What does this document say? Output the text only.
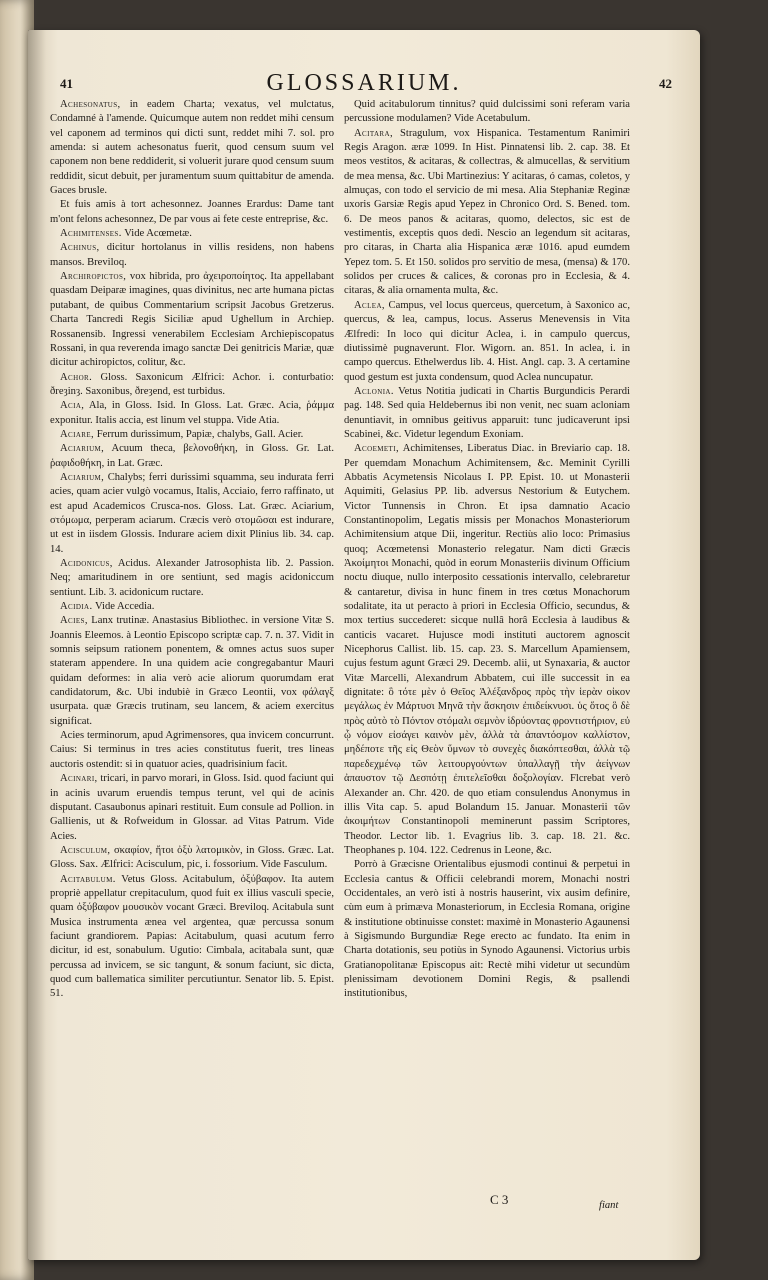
41	GLOSSARIUM.	42

Achesonatus, in eadem Charta; vexatus, vel mulctatus, Condamné à l'amende. Quicumque autem non reddet mihi censum vel caponem ad terminos qui dicti sunt, reddet mihi 7. sol. pro amenda: si autem achesonatus fuerit, quod censum suum vel caponem non bene reddiderit, si voluerit jurare quod censum suum reddidit, sicut debuit, per juramentum suum quittabitur de amenda. Gaces brusle.

Et fuis amis à tort achesonnez. Joannes Erardus: Dame tant m'ont felons achesonnez, De par vous ai fete ceste entreprise, &c.

Achimitenses. Vide Acœmetæ.

Achinus, dicitur hortolanus in villis residens, non habens mansos. Breviloq.

Archiropictos, vox hibrida, pro ἀχειροποίητος. Ita appellabant quasdam Deiparæ imagines, quas divinitus, nec arte humana pictas putabant, de quibus Commentarium scripsit Jacobus Gretzerus. Charta Tancredi Regis Siciliæ apud Ughellum in Archiep. Rossanensib. Ingressi venerabilem Ecclesiam Archiepiscopatus Rossani, in qua reverenda imago sanctæ Dei genitricis Mariæ, quæ dicitur achiropictos, colitur, &c.

Achor. Gloss. Saxonicum Ælfrici: Achor. i. conturbatio: ðreȝinȝ. Saxonibus, ðreȝend, est turbidus.

Acia, Ala, in Gloss. Isid. In Gloss. Lat. Græc. Acia, ῥάμμα exponitur. Italis accia, est linum vel stuppa. Vide Atia.

Aciare, Ferrum durissimum, Papiæ, chalybs, Gall. Acier.

Aciarium, Acuum theca, βελονοθήκη, in Gloss. Gr. Lat. ῥαφιδοθήκη, in Lat. Græc.

Aciarium, Chalybs; ferri durissimi squamma, seu indurata ferri acies, quam acier vulgò vocamus, Italis, Acciaio, ferro raffinato, ut est apud Academicos Crusca-nos. Gloss. Lat. Græc. Aciarium, στόμωμα, perperam aciarum. Cræcis verò στομῶσαι est indurare, ut est in iisdem Glossis. Indurare aciem dixit Plinius lib. 34. cap. 14.

Acidonicus, Acidus. Alexander Jatrosophista lib. 2. Passion. Neq; amaritudinem in ore sentiunt, sed magis acidoniccum sentiunt. Lib. 3. acidonicum ructare.

Acidia. Vide Accedia.

Acies, Lanx trutinæ. Anastasius Bibliothec. in versione Vitæ S. Joannis Eleemos. à Leontio Episcopo scriptæ cap. 7. n. 37. Vidit in somnis seipsum rationem ponentem, & omnes actus suos super stateram appendere. In una quidem acie congregabantur Mauri quidam deformes: in alia verò acie aliorum quorumdam erat candidatorum, &c. Ubi indubiè in Græco Leontii, vox φάλαγξ usurpata. quæ Græcis trutinam, seu lancem, & aciem exercitus significat.

Acies terminorum, apud Agrimensores, qua invicem concurrunt. Caius: Si terminus in tres acies constitutus fuerit, tres lineas auctoris ostendit: si in quatuor acies, quadrisinium facit.

Acinari, tricari, in parvo morari, in Gloss. Isid. quod faciunt qui in acinis uvarum eruendis tempus terunt, vel qui de acinis disputant. Casaubonus apinari restituit. Eum consule ad Pollion. in Gallienis, ut & Rofweidum in Glossar. ad Vitas Patrum. Vide Acies.

Acisculum, σκαφίον, ἤτοι ὀξὺ λατομικὸν, in Gloss. Græc. Lat. Gloss. Sax. Ælfrici: Acisculum, pic, i. fossorium. Vide Fasculum.

Acitabulum. Vetus Gloss. Acitabulum, ὀξύβαφον. Ita autem propriè appellatur crepitaculum, quod fuit ex illius vasculi specie, quam ὀξύβαφον μουσικὸν vocant Græci. Breviloq. Acitabula sunt Musica instrumenta ænea vel argentea, quæ percussa sonum faciunt grandiorem. Papias: Acitabulum, quasi acutum ferro dicitur, id est, sonabulum. Ugutio: Cimbala, acitabala sunt, quæ percussa ad invicem, se sic tangunt, & sonum faciunt, sic dicta, quod cum ballematica similiter percutiuntur. Senator lib. 5. Epist. 51.

Quid acitabulorum tinnitus? quid dulcissimi soni referam varia percussione modulamen? Vide Acetabulum.

Acitara, Stragulum, vox Hispanica. Testamentum Ranimiri Regis Aragon. æræ 1099. In Hist. Pinnatensi lib. 2. cap. 38. Et meos vestitos, & acitaras, & collectras, & almucellas, & servitium de mea mensa, &c. Ubi Martinezius: Y acitaras, ó camas, coletos, y almuças, con todo el servicio de mi mesa. Alia Stephaniæ Reginæ uxoris Garsiæ Regis apud Yepez in Chronico Ord. S. Bened. tom. 6. De meos panos & acitaras, quomo, delectos, sic est de vestimentis, exceptis quos dedi. Nescio an legendum sit acitaras, pro citaras, in Charta alia Hispanica æræ 1016. apud eumdem Yepez tom. 5. Et 150. solidos pro servitio de mesa, (mensa) & 170. solidos per cruces & calices, & coronas pro in Ecclesia, & 4. citaras, & alia ornamenta multa, &c.

Aclea, Campus, vel locus querceus, quercetum, à Saxonico ac, quercus, & lea, campus, locus. Asserus Menevensis in Vita Ælfredi: In loco qui dicitur Aclea, i. in campulo quercus, diutissimè pugnaverunt. Flor. Wigorn. an. 851. In aclea, i. in campo quercus. Ethelwerdus lib. 4. Hist. Angl. cap. 3. A certamine quod gestum est juxta condensum, quod Aclea nuncupatur.

Aclonia. Vetus Notitia judicati in Chartis Burgundicis Perardi pag. 148. Sed quia Heldebernus ibi non venit, nec suam acloniam denuntiavit, in omnibus geitivus apparuit: tunc judicaverunt ipsi Scabinei, &c. Videtur legendum Exoniam.

Acoemeti, Achimitenses, Liberatus Diac. in Breviario cap. 18. Per quemdam Monachum Achimitensem, &c. Meminit Cyrilli Abbatis Acymetensis Nicolaus I. PP. Epist. 10. ut Monasterii Aquimiti, Gelasius PP. lib. adversus Nestorium & Eutychem. Victor Tunnensis in Chron. Et ipsa damnatio Acacio Constantinopolim, Legatis missis per Monachos Monasteriorum Achimitensium atque Dii, ingeritur. Rectiùs alio loco: Primasius quoq; Acœmetensi Monasterio relegatur. Nam dicti Græcis Ἀκοίμητοι Monachi, quòd in eorum Monasteriis divinum Officium noctu diuque, nullo interposito cessationis intervallo, celebraretur & cantaretur, divisa in hunc finem in tres cœtus Monachorum sodalitate, ita ut peracto à priori in Ecclesia Officio, secundus, & mox tertius succederet: sicque nullâ horâ Ecclesia à laudibus & canticis vacaret. Hujusce modi instituti auctorem agnoscit Nicephorus Callist. lib. 15. cap. 23. S. Marcellum Apamiensem, cujus festum agunt Græci 29. Decemb. alii, ut Synaxaria, & auctor Vitæ Marcelli, Alexandrum Abbatem, cui ille successit in ea dignitate: ὃ τότε μὲν ὁ Θεῖος Ἀλέξανδρος πρὸς τὴν ἱερὰν οἰκον μεγάλως ἐν Μάρτυσι Μηνᾶ τὴν ἄσκησιν ἐπιδείκνυσι. ὑς ὅτος ὃ δὲ πρὸς αὐτὸ τὸ Πόντον στόμαλι σεμνὸν ἱδρύοντας φροντιστήριον, εὐ ᾧ νόμον εἰσάγει καινὸν μὲν, ἀλλὰ τὰ ἀπαντόσμον καλλίστον, μηδέποτε τῆς εἰς Θεὸν ὕμνων τὸ συνεχὲς διακόπτεσθαι, ἀλλὰ τῷ παρεδεχμένῳ τῶν λειτουργούντων ὑπαλλαγῇ τὴν ἀείγνων ἀπαυστον τῷ Δεσπότῃ ἐπιτελεῖσθαι δοξολογίαν. Flcrebat verò Alexander an. Chr. 420. de quo etiam consulendus Anonymus in illis Vita cap. 5. apud Bolandum 15. Januar. Monasterii τῶν ἀκοιμήτων Constantinopoli meminerunt passim Scriptores, Theodor. Lector lib. 1. Evagrius lib. 3. cap. 18. 21. &c. Theophanes p. 104. 122. Cedrenus in Leone, &c.

Porrò à Græcisne Orientalibus ejusmodi continui & perpetui in Ecclesia cantus & Officii celebrandi morem, Monachi nostri Occidentales, an verò isti à nostris hauserint, vix ausim definire, cùm eum à primæva Monasteriorum, in Ecclesia Romana, origine & institutione obtinuisse constet: maximè in Monasterio Agaunensi à Sigismundo Burgundiæ Rege erecto ac fundato. Ita enim in Charta dotationis, seu potiùs in Synodo Agaunensi. Victorius urbis Gratianopolitanæ Episcopus ait: Rectè mihi videtur ut secundùm plenissimam devotionem Domini Regis, & psallendi institutionibus,

C 3	fiant
